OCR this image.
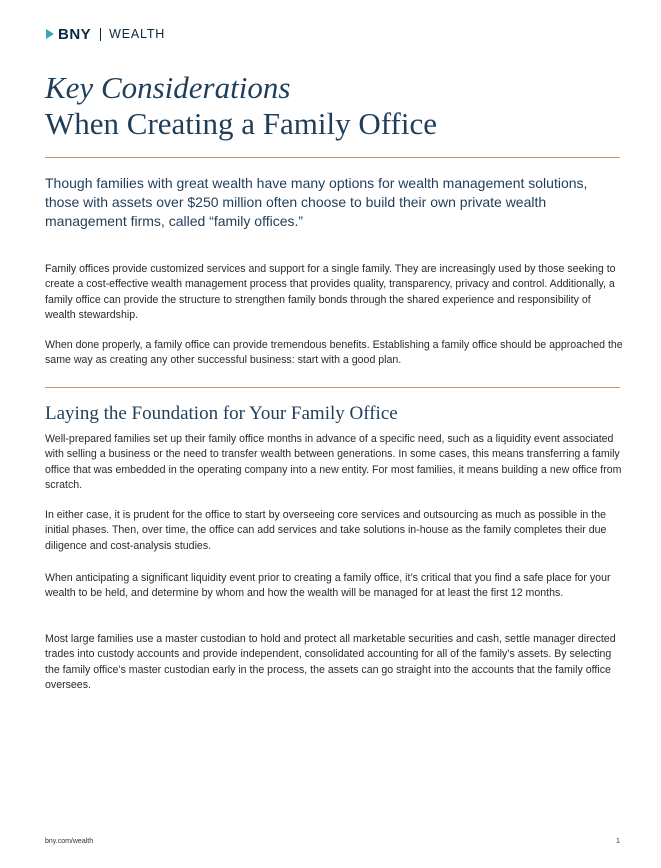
BNY WEALTH
Key Considerations
When Creating a Family Office
Though families with great wealth have many options for wealth management solutions, those with assets over $250 million often choose to build their own private wealth management firms, called “family offices.”

Family offices provide customized services and support for a single family. They are increasingly used by those seeking to create a cost-effective wealth management process that provides quality, transparency, privacy and control. Additionally, a family office can provide the structure to strengthen family bonds through the shared experience and responsibility of wealth stewardship.

When done properly, a family office can provide tremendous benefits. Establishing a family office should be approached the same way as creating any other successful business: start with a good plan.

Laying the Foundation for Your Family Office

Well-prepared families set up their family office months in advance of a specific need, such as a liquidity event associated with selling a business or the need to transfer wealth between generations. In some cases, this means transferring a family office that was embedded in the operating company into a new entity. For most families, it means building a new office from scratch.

In either case, it is prudent for the office to start by overseeing core services and outsourcing as much as possible in the initial phases. Then, over time, the office can add services and take solutions in-house as the family completes their due diligence and cost-analysis studies.

When anticipating a significant liquidity event prior to creating a family office, it’s critical that you find a safe place for your wealth to be held, and determine by whom and how the wealth will be managed for at least the first 12 months.

Most large families use a master custodian to hold and protect all marketable securities and cash, settle manager directed trades into custody accounts and provide independent, consolidated accounting for all of the family’s assets. By selecting the family office’s master custodian early in the process, the assets can go straight into the accounts that the family office oversees.

bny.com/wealth	1
